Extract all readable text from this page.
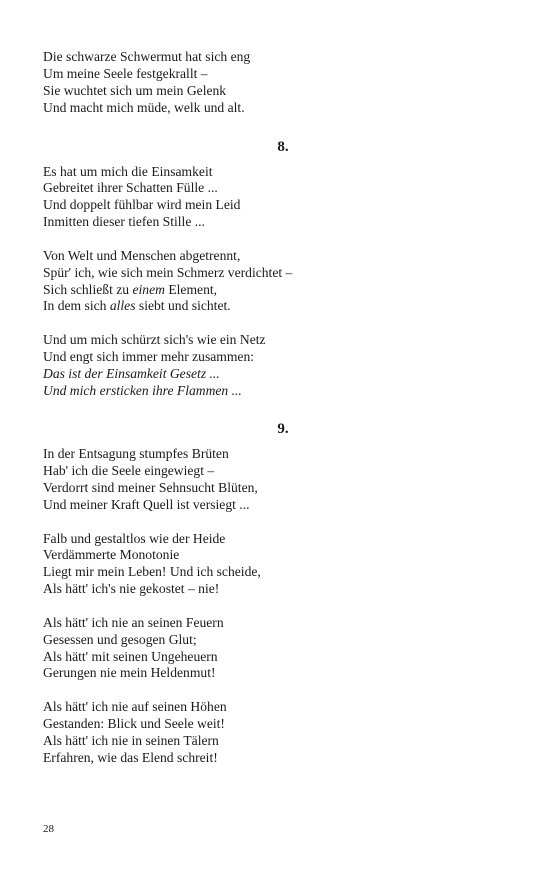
Die schwarze Schwermut hat sich eng
Um meine Seele festgekrallt –
Sie wuchtet sich um mein Gelenk
Und macht mich müde, welk und alt.
8.
Es hat um mich die Einsamkeit
Gebreitet ihrer Schatten Fülle ...
Und doppelt fühlbar wird mein Leid
Inmitten dieser tiefen Stille ...
Von Welt und Menschen abgetrennt,
Spür' ich, wie sich mein Schmerz verdichtet –
Sich schließt zu einem Element,
In dem sich alles siebt und sichtet.
Und um mich schürzt sich's wie ein Netz
Und engt sich immer mehr zusammen:
Das ist der Einsamkeit Gesetz ...
Und mich ersticken ihre Flammen ...
9.
In der Entsagung stumpfes Brüten
Hab' ich die Seele eingewiegt –
Verdorrt sind meiner Sehnsucht Blüten,
Und meiner Kraft Quell ist versiegt ...
Falb und gestaltlos wie der Heide
Verdämmerte Monotonie
Liegt mir mein Leben! Und ich scheide,
Als hätt' ich's nie gekostet – nie!
Als hätt' ich nie an seinen Feuern
Gesessen und gesogen Glut;
Als hätt' mit seinen Ungeheuern
Gerungen nie mein Heldenmut!
Als hätt' ich nie auf seinen Höhen
Gestanden: Blick und Seele weit!
Als hätt' ich nie in seinen Tälern
Erfahren, wie das Elend schreit!
28
